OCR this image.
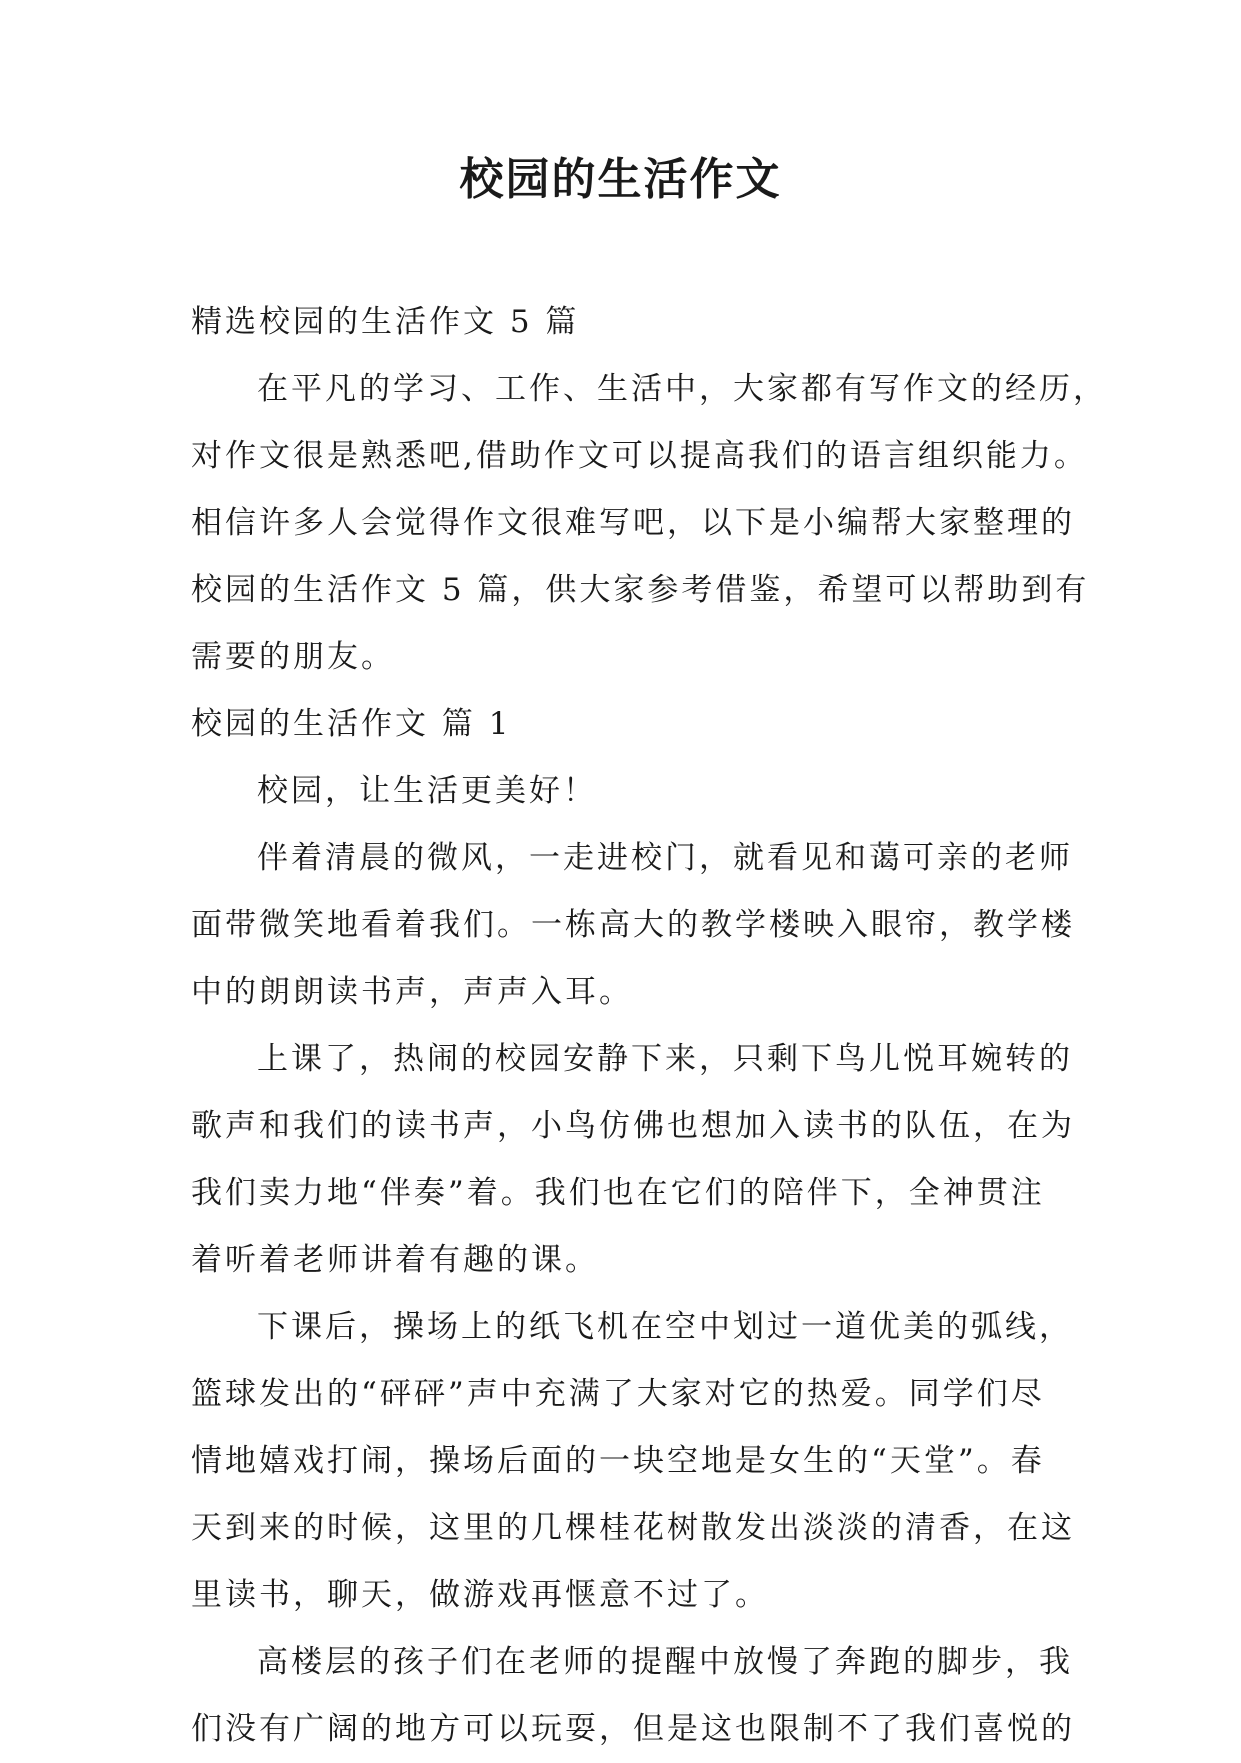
校园的生活作文
精选校园的生活作文 5 篇
在平凡的学习、工作、生活中，大家都有写作文的经历，
对作文很是熟悉吧,借助作文可以提高我们的语言组织能力。
相信许多人会觉得作文很难写吧，以下是小编帮大家整理的
校园的生活作文 5 篇，供大家参考借鉴，希望可以帮助到有
需要的朋友。
校园的生活作文 篇 1
校园，让生活更美好！
伴着清晨的微风，一走进校门，就看见和蔼可亲的老师
面带微笑地看着我们。一栋高大的教学楼映入眼帘，教学楼
中的朗朗读书声，声声入耳。
上课了，热闹的校园安静下来，只剩下鸟儿悦耳婉转的
歌声和我们的读书声，小鸟仿佛也想加入读书的队伍，在为
我们卖力地“伴奏”着。我们也在它们的陪伴下，全神贯注
着听着老师讲着有趣的课。
下课后，操场上的纸飞机在空中划过一道优美的弧线，
篮球发出的“砰砰”声中充满了大家对它的热爱。同学们尽
情地嬉戏打闹，操场后面的一块空地是女生的“天堂”。春
天到来的时候，这里的几棵桂花树散发出淡淡的清香，在这
里读书，聊天，做游戏再惬意不过了。
高楼层的孩子们在老师的提醒中放慢了奔跑的脚步，我
们没有广阔的地方可以玩耍，但是这也限制不了我们喜悦的
